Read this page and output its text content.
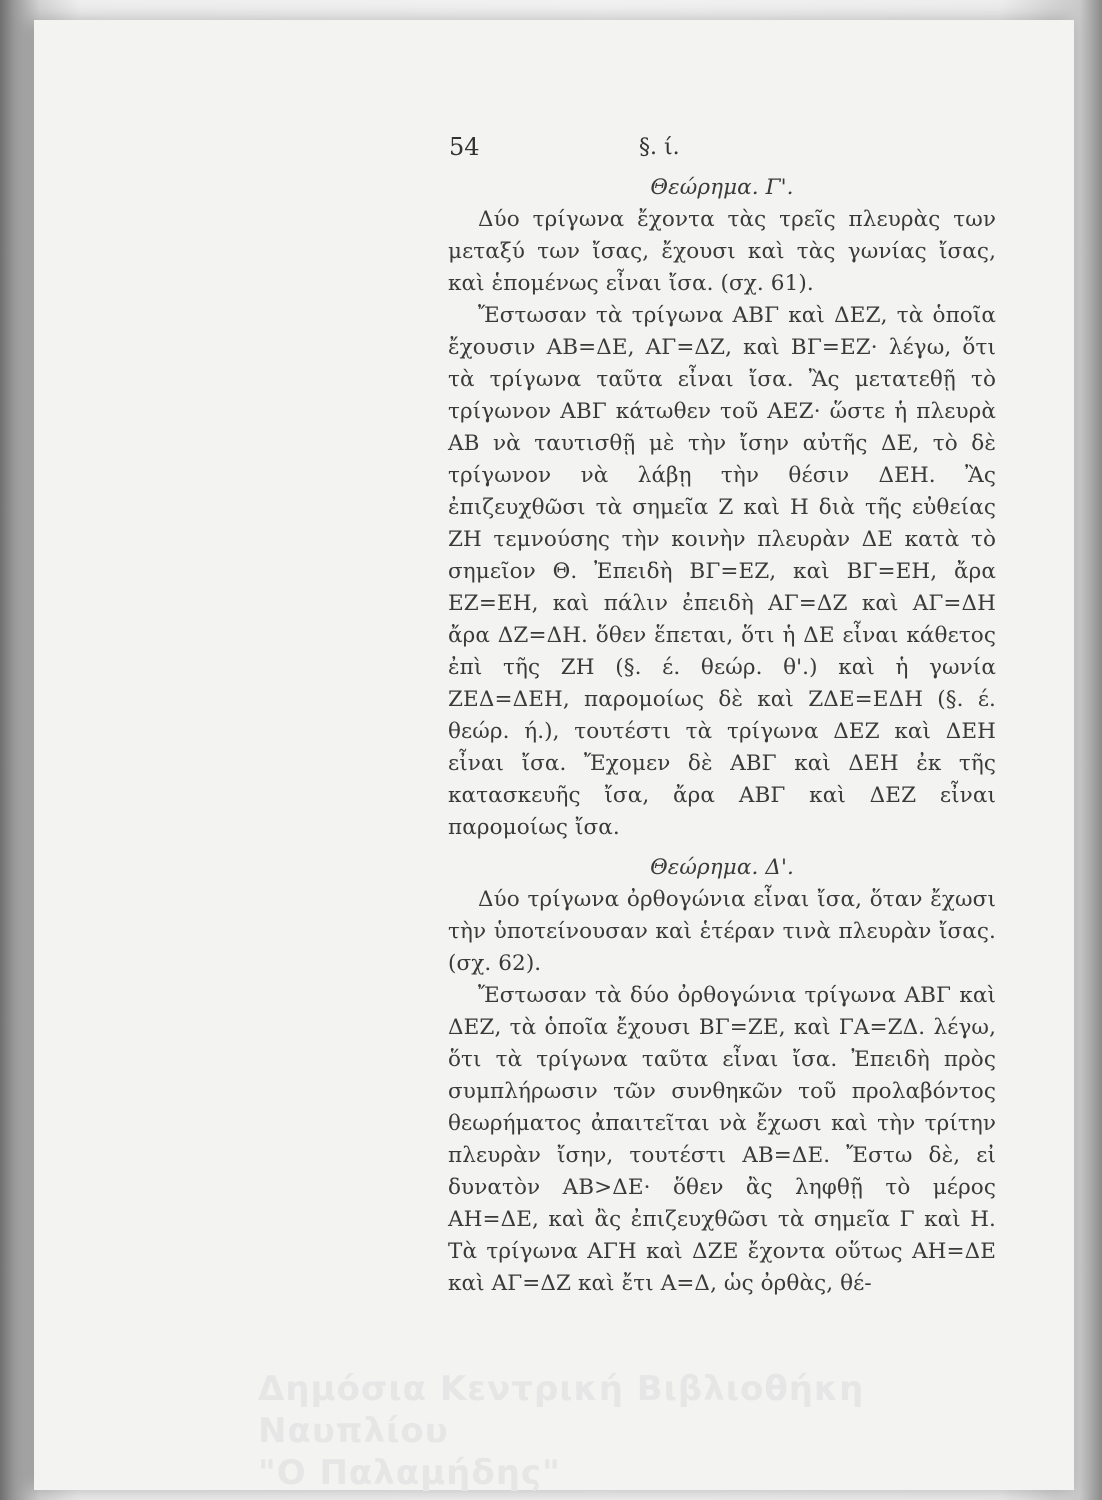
54	§. ί.

Θεώρημα. Γ'.

Δύο τρίγωνα ἔχοντα τὰς τρεῖς πλευρὰς των μεταξύ των ἴσας, ἔχουσι καὶ τὰς γωνίας ἴσας, καὶ ἑπομένως εἶναι ἴσα. (σχ. 61).

Ἔστωσαν τὰ τρίγωνα ΑΒΓ καὶ ΔΕΖ, τὰ ὁποῖα ἔχουσιν ΑΒ=ΔΕ, ΑΓ=ΔΖ, καὶ ΒΓ=ΕΖ· λέγω, ὅτι τὰ τρίγωνα ταῦτα εἶναι ἴσα. Ἂς μετατεθῇ τὸ τρίγωνον ΑΒΓ κάτωθεν τοῦ ΑΕΖ· ὥστε ἡ πλευρὰ ΑΒ νὰ ταυτισθῇ μὲ τὴν ἴσην αὐτῆς ΔΕ, τὸ δὲ τρίγωνον νὰ λάβῃ τὴν θέσιν ΔΕΗ. Ἂς ἐπιζευχθῶσι τὰ σημεῖα Ζ καὶ Η διὰ τῆς εὐθείας ΖΗ τεμνούσης τὴν κοινὴν πλευρὰν ΔΕ κατὰ τὸ σημεῖον Θ. Ἐπειδὴ ΒΓ=ΕΖ, καὶ ΒΓ=ΕΗ, ἄρα ΕΖ=ΕΗ, καὶ πάλιν ἐπειδὴ ΑΓ=ΔΖ καὶ ΑΓ=ΔΗ ἄρα ΔΖ=ΔΗ. ὅθεν ἕπεται, ὅτι ἡ ΔΕ εἶναι κάθετος ἐπὶ τῆς ΖΗ (§. έ. θεώρ. θ'.) καὶ ἡ γωνία ΖΕΔ=ΔΕΗ, παρομοίως δὲ καὶ ΖΔΕ=ΕΔΗ (§. έ. θεώρ. ή.), τουτέστι τὰ τρίγωνα ΔΕΖ καὶ ΔΕΗ εἶναι ἴσα. Ἔχομεν δὲ ΑΒΓ καὶ ΔΕΗ ἐκ τῆς κατασκευῆς ἴσα, ἄρα ΑΒΓ καὶ ΔΕΖ εἶναι παρομοίως ἴσα.

Θεώρημα. Δ'.

Δύο τρίγωνα ὀρθογώνια εἶναι ἴσα, ὅταν ἔχωσι τὴν ὑποτείνουσαν καὶ ἑτέραν τινὰ πλευρὰν ἴσας. (σχ. 62).

Ἔστωσαν τὰ δύο ὀρθογώνια τρίγωνα ΑΒΓ καὶ ΔΕΖ, τὰ ὁποῖα ἔχουσι ΒΓ=ΖΕ, καὶ ΓΑ=ΖΔ. λέγω, ὅτι τὰ τρίγωνα ταῦτα εἶναι ἴσα. Ἐπειδὴ πρὸς συμπλήρωσιν τῶν συνθηκῶν τοῦ προλαβόντος θεωρήματος ἀπαιτεῖται νὰ ἔχωσι καὶ τὴν τρίτην πλευρὰν ἴσην, τουτέστι ΑΒ=ΔΕ. Ἔστω δὲ, εἰ δυνατὸν ΑΒ>ΔΕ· ὅθεν ἂς ληφθῇ τὸ μέρος ΑΗ=ΔΕ, καὶ ἂς ἐπιζευχθῶσι τὰ σημεῖα Γ καὶ Η. Τὰ τρίγωνα ΑΓΗ καὶ ΔΖΕ ἔχοντα οὕτως ΑΗ=ΔΕ καὶ ΑΓ=ΔΖ καὶ ἔτι Α=Δ, ὡς ὀρθὰς, θέ-

Δημόσια Κεντρική Βιβλιοθήκη Ναυπλίου
"Ο Παλαμήδης"
